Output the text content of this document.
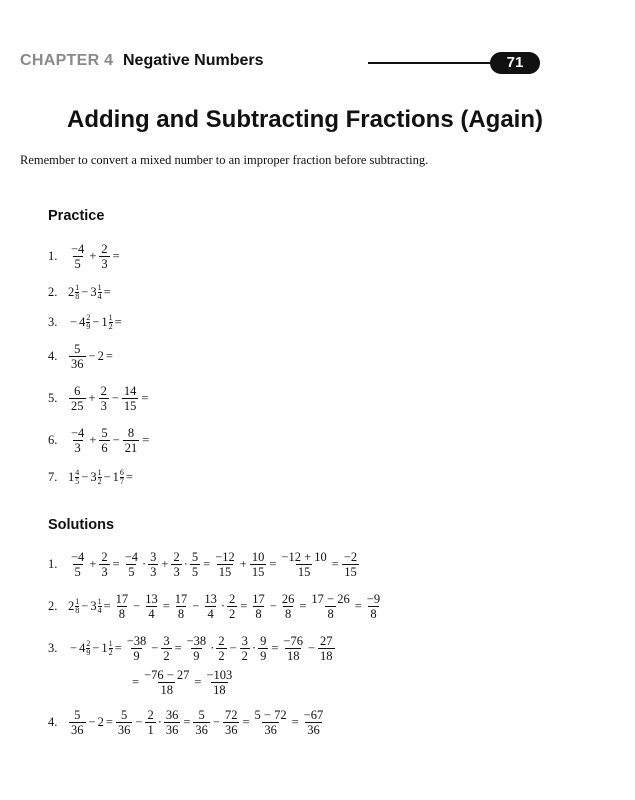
CHAPTER 4 Negative Numbers	71
Adding and Subtracting Fractions (Again)
Remember to convert a mixed number to an improper fraction before subtracting.
Practice
1. $\frac{-4}{5} + \frac{2}{3}$ =
2. $2 \frac{1}{8} - 3 \frac{1}{4}$ =
3.	− $4 \frac{2}{9} - 1 \frac{1}{2}$ =
4. $\frac{5}{36} - 2$ =
5. $\frac{6}{25} + \frac{2}{3} - \frac{14}{15}$ =
6. $\frac{-4}{3} + \frac{5}{6} - \frac{8}{21}$ =
7. $1 \frac{4}{5} - 3 \frac{1}{2} - 1 \frac{6}{7}$ =
Solutions
1. $\frac{-4}{5} + \frac{2}{3} = \frac{-4}{5} \cdot \frac{3}{3} + \frac{2}{3} \cdot \frac{5}{5} = \frac{-12}{15} + \frac{10}{15} = \frac{-12 + 10}{15} = \frac{-2}{15}$
2. $2 \frac{1}{8} - 3 \frac{1}{4} = \frac{17}{8} - \frac{13}{4} = \frac{17}{8} - \frac{13}{4} \cdot \frac{2}{2} = \frac{17}{8} - \frac{26}{8} = \frac{17 - 26}{8} = \frac{-9}{8}$
3.	− $4 \frac{2}{9} - 1 \frac{1}{2} = \frac{-38}{9} - \frac{3}{2} = \frac{-38}{9} \cdot \frac{2}{2} - \frac{3}{2} \cdot \frac{9}{9} = \frac{-76}{18} - \frac{27}{18}$
= $\frac{-76 - 27}{18} = \frac{-103}{18}$
4. $\frac{5}{36} - 2 = \frac{5}{36} - \frac{2}{1} \cdot \frac{36}{36} = \frac{5}{36} - \frac{72}{36} = \frac{5 - 72}{36} = \frac{-67}{36}$
